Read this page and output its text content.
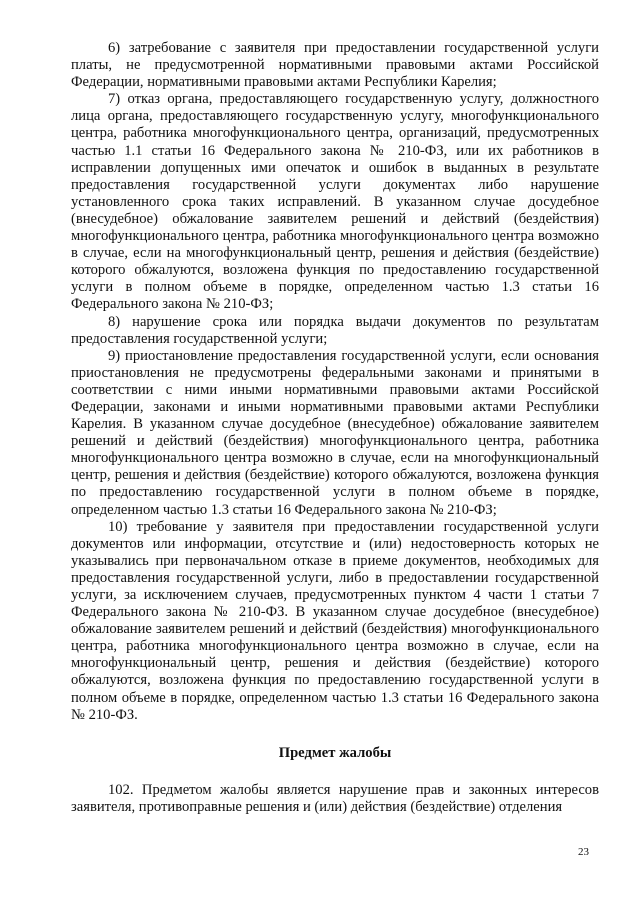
6) затребование с заявителя при предоставлении государственной услуги платы, не предусмотренной нормативными правовыми актами Российской Федерации, нормативными правовыми актами Республики Карелия;

7) отказ органа, предоставляющего государственную услугу, должностного лица органа, предоставляющего государственную услугу, многофункционального центра, работника многофункционального центра, организаций, предусмотренных частью 1.1 статьи 16 Федерального закона № 210-ФЗ, или их работников в исправлении допущенных ими опечаток и ошибок в выданных в результате предоставления государственной услуги документах либо нарушение установленного срока таких исправлений. В указанном случае досудебное (внесудебное) обжалование заявителем решений и действий (бездействия) многофункционального центра, работника многофункционального центра возможно в случае, если на многофункциональный центр, решения и действия (бездействие) которого обжалуются, возложена функция по предоставлению государственной услуги в полном объеме в порядке, определенном частью 1.3 статьи 16 Федерального закона № 210-ФЗ;

8) нарушение срока или порядка выдачи документов по результатам предоставления государственной услуги;

9) приостановление предоставления государственной услуги, если основания приостановления не предусмотрены федеральными законами и принятыми в соответствии с ними иными нормативными правовыми актами Российской Федерации, законами и иными нормативными правовыми актами Республики Карелия. В указанном случае досудебное (внесудебное) обжалование заявителем решений и действий (бездействия) многофункционального центра, работника многофункционального центра возможно в случае, если на многофункциональный центр, решения и действия (бездействие) которого обжалуются, возложена функция по предоставлению государственной услуги в полном объеме в порядке, определенном частью 1.3 статьи 16 Федерального закона № 210-ФЗ;

10) требование у заявителя при предоставлении государственной услуги документов или информации, отсутствие и (или) недостоверность которых не указывались при первоначальном отказе в приеме документов, необходимых для предоставления государственной услуги, либо в предоставлении государственной услуги, за исключением случаев, предусмотренных пунктом 4 части 1 статьи 7 Федерального закона № 210-ФЗ. В указанном случае досудебное (внесудебное) обжалование заявителем решений и действий (бездействия) многофункционального центра, работника многофункционального центра возможно в случае, если на многофункциональный центр, решения и действия (бездействие) которого обжалуются, возложена функция по предоставлению государственной услуги в полном объеме в порядке, определенном частью 1.3 статьи 16 Федерального закона № 210-ФЗ.

Предмет жалобы

102. Предметом жалобы является нарушение прав и законных интересов заявителя, противоправные решения и (или) действия (бездействие) отделения

23
